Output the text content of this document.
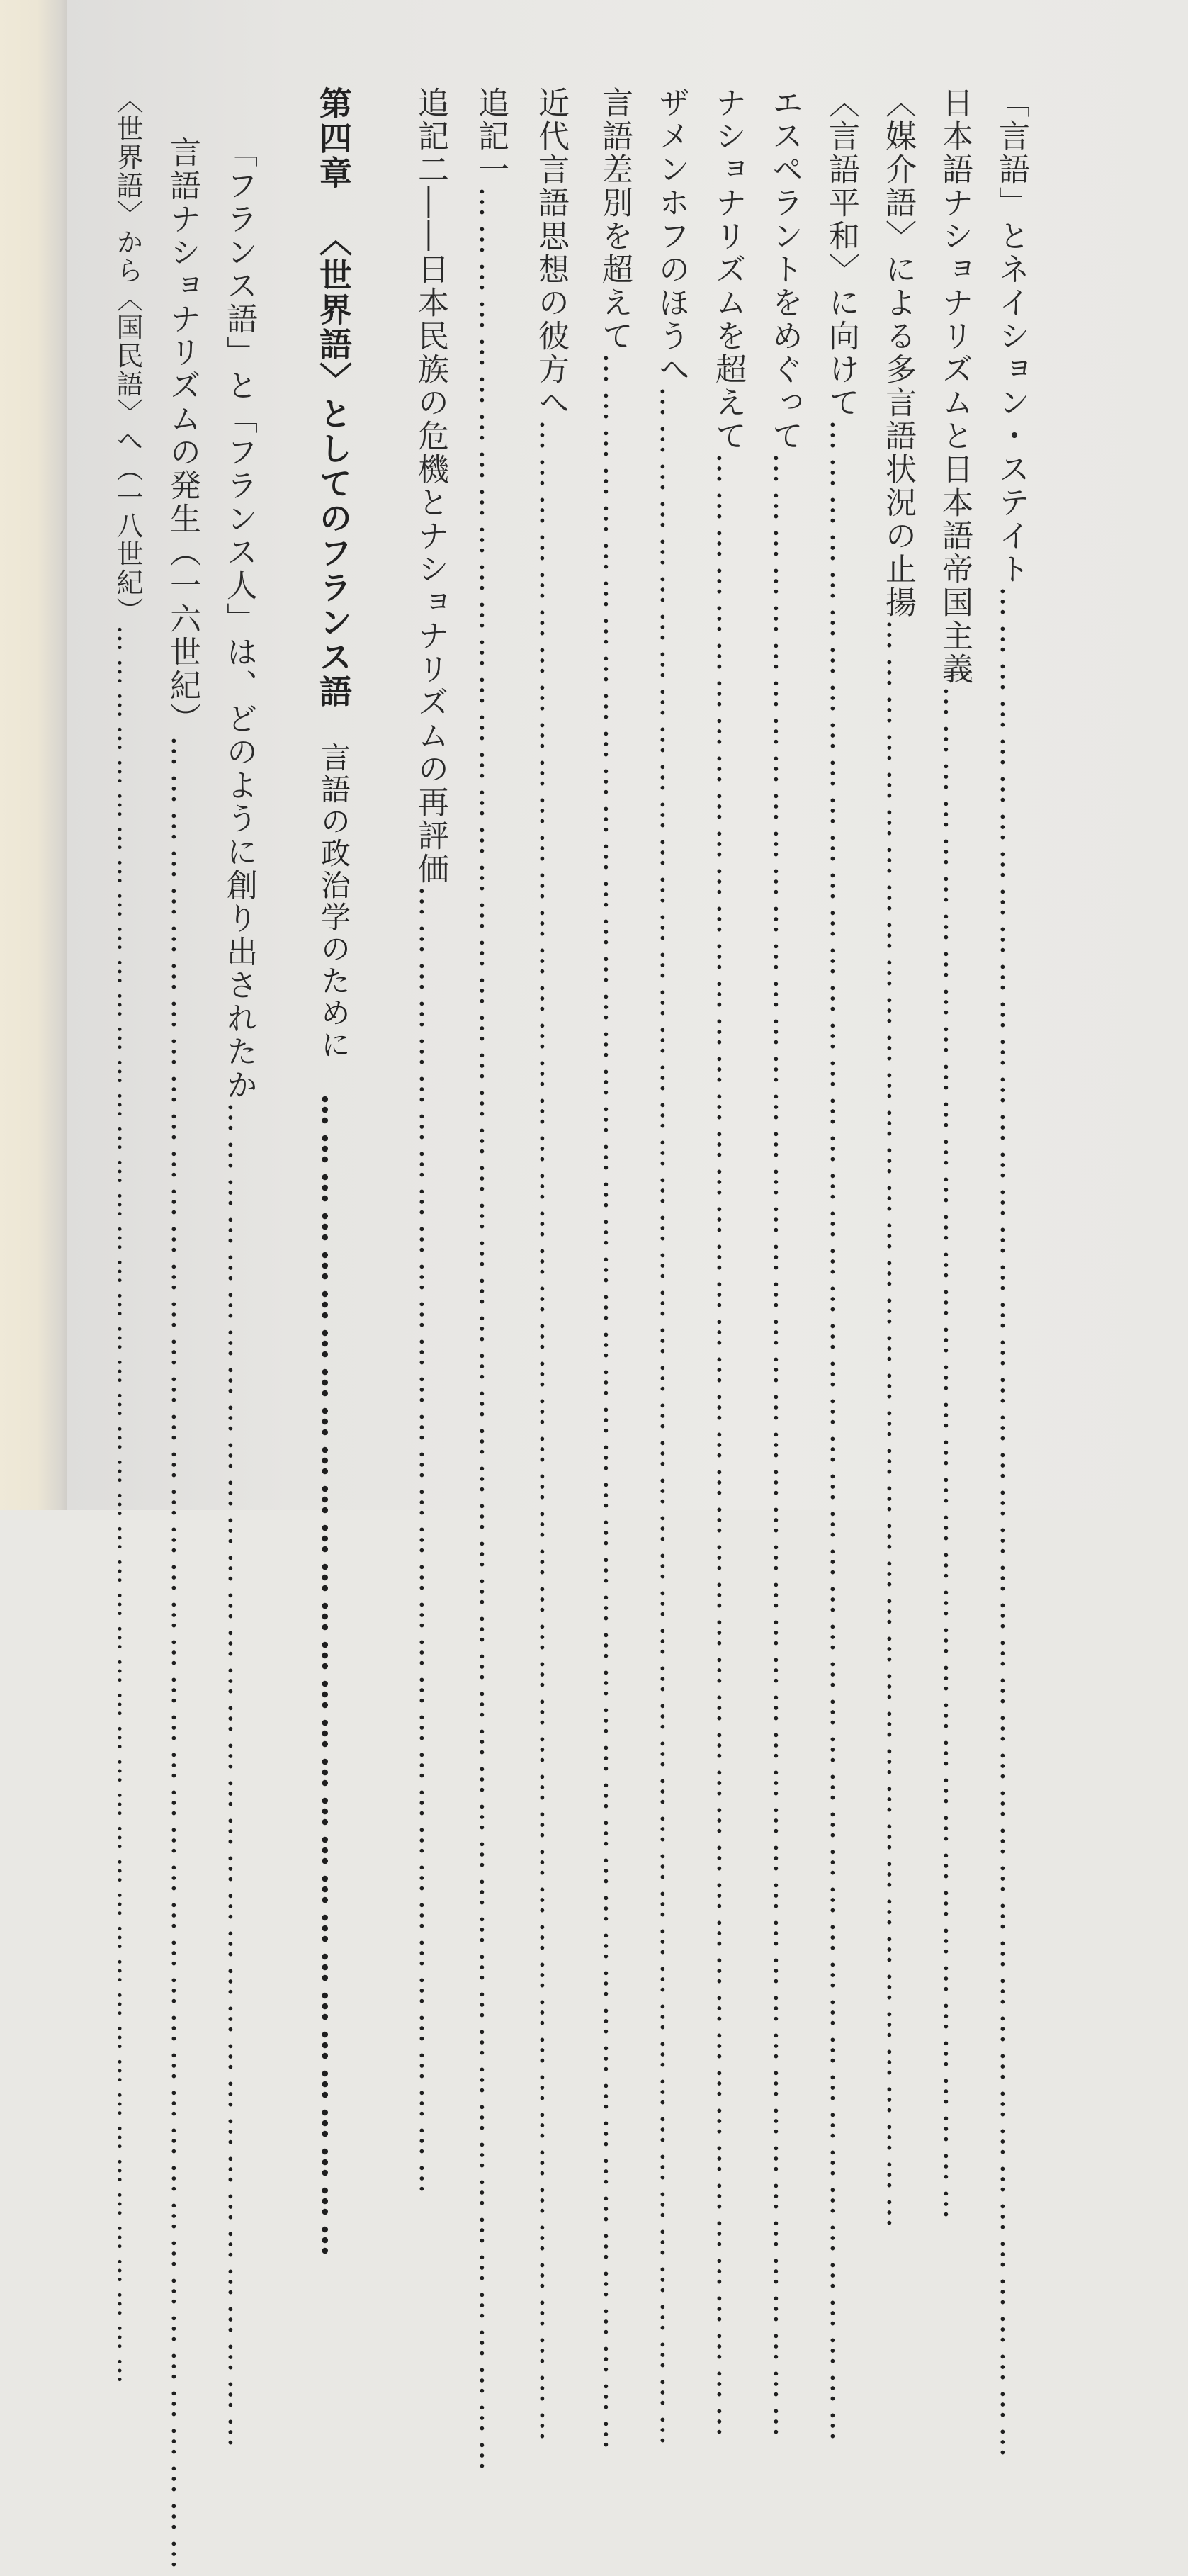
「言語」とネイション・ステイト……………………………………………………………………………………………………………………………………
日本語ナショナリズムと日本語帝国主義……………………………………………………………………………………………………………
〈媒介語〉による多言語状況の止揚…………………………………………………………………………………………………………………
〈言語平和〉に向けて………………………………………………………………………………………………………………………………………………
エスペラントをめぐって……………………………………………………………………………………………………………………………………………
ナショナリズムを超えて……………………………………………………………………………………………………………………………………………
ザメンホフのほうへ…………………………………………………………………………………………………………………………………………………
言語差別を超えて……………………………………………………………………………………………………………………………………………………
近代言語思想の彼方へ………………………………………………………………………………………………………………………………………………
追記一…………………………………………………………………………………………………………………………………………………………………
追記二――日本民族の危機とナショナリズムの再評価……………………………………………………………………………………………
第四章〈世界語〉としてのフランス語言語の政治学のために………………………………………………………………………………
「フランス語」と「フランス人」は、どのように創り出されたか………………………………………………………………………………………………
言語ナショナリズムの発生（一六世紀）…………………………………………………………………………………………………………………………………
〈世界語〉から〈国民語〉へ（一八世紀）……………………………………………………………………………………………………………………………………………
